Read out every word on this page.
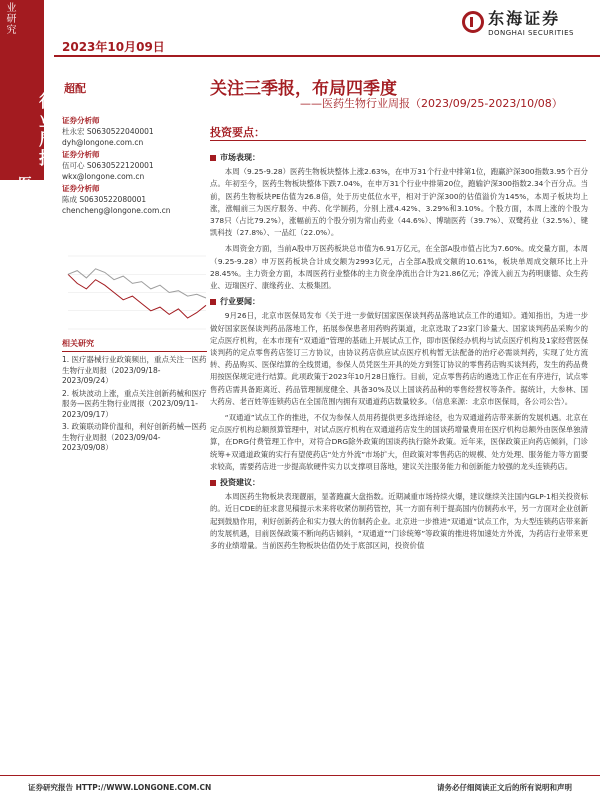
业研究
行业周报
医药生物
2023年10月09日
东海证券
DONGHAI SECURITIES
超配	关注三季报，布局四季度
——医药生物行业周报（2023/09/25-2023/10/08）
证券分析师
杜永宏 S0630522040001
dyh@longone.com.cn
证券分析师
伍可心 S0630522120001
wkx@longone.com.cn
证券分析师
陈成 S0630522080001
chencheng@longone.com.cn
相关研究
1. 医疗器械行业政策频出，重点关注一医药生物行业周报（2023/09/18-2023/09/24）
2. 板块波动上涨，重点关注创新药械和医疗服务—医药生物行业周报（2023/09/11-2023/09/17）
3. 政策联动降价温和，利好创新药械—医药生物行业周报（2023/09/04-2023/09/08）
投资要点：
市场表现：

本周（9.25-9.28）医药生物板块整体上涨2.63%，在申万31个行业中排第1位，跑赢沪深300指数3.95个百分点。年初至今，医药生物板块整体下跌7.04%，在申万31个行业中排第20位，跑输沪深300指数2.34个百分点。当前，医药生物板块PE估值为26.8倍，处于历史低位水平，相对于沪深300的估值溢价为145%，本周子板块均上涨，涨幅前三为医疗服务、中药、化学制药，分别上涨4.42%、3.29%和3.10%。个股方面，本周上涨的个股为378只（占比79.2%），涨幅前五的个股分别为常山药业（44.6%）、博瑞医药（39.7%）、双鹭药业（32.5%）、键凯科技（27.8%）、一品红（22.0%）。

本周资金方面，当前A股申万医药板块总市值为6.91万亿元，在全部A股市值占比为7.60%。成交量方面，本周（9.25-9.28）申万医药板块合计成交额为2993亿元，占全部A股成交额的10.61%，板块单周成交额环比上升28.45%。主力资金方面，本周医药行业整体的主力资金净流出合计为21.86亿元；净流入前五为药明康德、众生药业、迈瑞医疗、康缘药业、太极集团。

行业要闻：

9月26日，北京市医保局发布《关于进一步做好国家医保谈判药品落地试点工作的通知》。通知指出，为进一步做好国家医保谈判药品落地工作，拓展参保患者用药购药渠道，北京选取了23家门诊量大、国家谈判药品采购少的定点医疗机构，在本市现有“双通道”管理的基础上开展试点工作，即市医保经办机构与试点医疗机构及1家经营医保谈判药的定点零售药店签订三方协议，由协议药店供应试点医疗机构暂无法配备的治疗必需谈判药，实现了处方流转、药品购买、医保结算的全线贯通，参保人员凭医生开具的处方到签订协议的零售药店购买谈判药，发生的药品费用按医保规定进行结算。此项政策于2023年10月28日施行。目前，定点零售药店的遴选工作正在有序进行，试点零售药店需具备距离近、药品管理制度健全、具备30%及以上国谈药品种的零售经营权等条件。据统计，大参林、国大药房、老百姓等连锁药店在全国范围内拥有双通道药店数量较多。（信息来源：北京市医保局，各公司公告）。

“双通道”试点工作的推进，不仅为参保人员用药提供更多选择途径，也为双通道药店带来新的发展机遇。北京在定点医疗机构总额预算管理中，对试点医疗机构在双通道药店发生的国谈药增量费用在医疗机构总额外由医保单独清算，在DRG付费管理工作中，对符合DRG除外政策的国谈药执行除外政策。近年来，医保政策正向药店倾斜，门诊统筹+双通道政策的实行有望使药店“处方外流”市场扩大，但政策对零售药店的规模、处方处理、服务能力等方面要求较高，需要药店进一步提高软硬件实力以支撑项目落地，建议关注服务能力和创新能力较强的龙头连锁药店。

投资建议：

本周医药生物板块表现靓丽，显著跑赢大盘指数。近期减重市场持续火爆，建议继续关注国内GLP-1相关投资标的。近日CDE的征求意见稿提示未来将收紧仿制药管控，其一方面有利于提高国内仿制药水平，另一方面对企业创新起到鼓励作用，利好创新药企和实力强大的仿制药企业。北京进一步推进“双通道”试点工作，为大型连锁药店带来新的发展机遇，目前医保政策不断向药店倾斜，“双通道”“门诊统筹”等政策的推进将加速处方外流，为药店行业带来更多的业绩增量。当前医药生物板块估值仍处于底部区间，投资价值

证券研究报告 HTTP://WWW.LONGONE.COM.CN	请务必仔细阅读正文后的所有说明和声明
